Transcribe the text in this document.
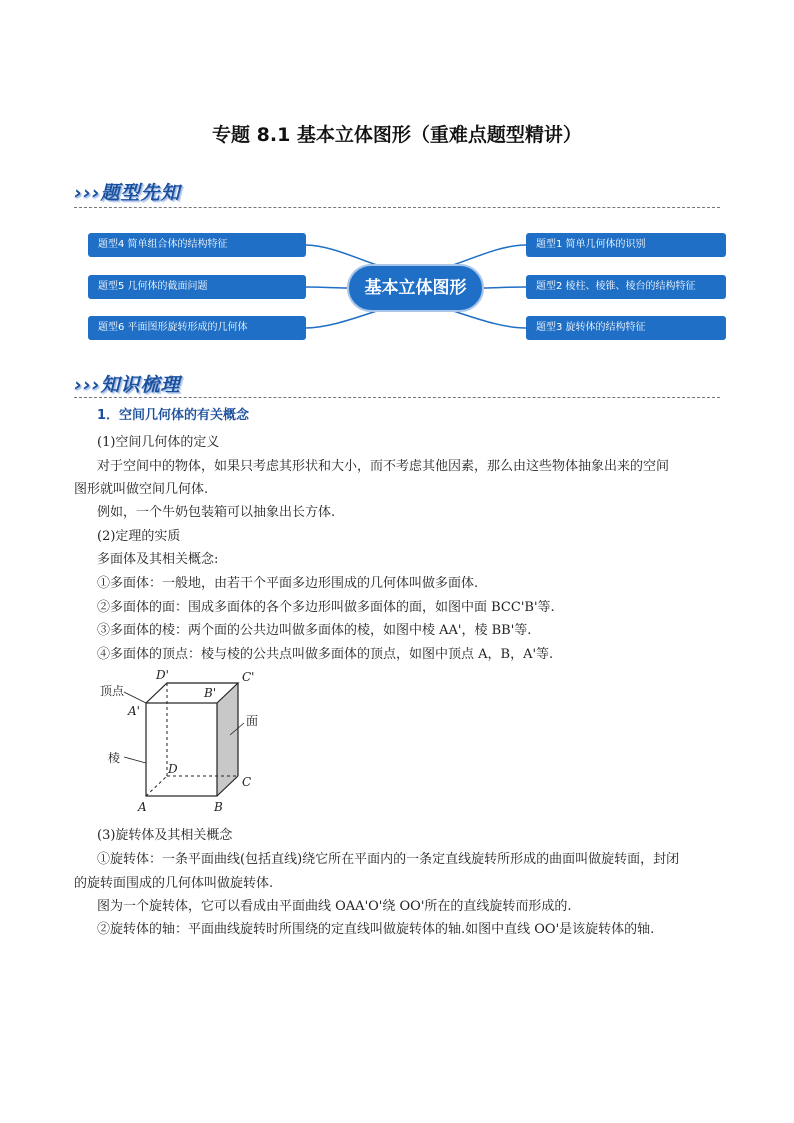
专题 8.1 基本立体图形（重难点题型精讲）
›››题型先知
题型4 简单组合体的结构特征
题型5 几何体的截面问题
题型6 平面图形旋转形成的几何体
基本立体图形
题型1 简单几何体的识别
题型2 棱柱、棱锥、棱台的结构特征
题型3 旋转体的结构特征
›››知识梳理
1．空间几何体的有关概念
(1)空间几何体的定义
对于空间中的物体，如果只考虑其形状和大小，而不考虑其他因素，那么由这些物体抽象出来的空间
图形就叫做空间几何体.
例如，一个牛奶包装箱可以抽象出长方体.
(2)定理的实质
多面体及其相关概念:
①多面体：一般地，由若干个平面多边形围成的几何体叫做多面体.
②多面体的面：围成多面体的各个多边形叫做多面体的面，如图中面 BCC'B'等.
③多面体的棱：两个面的公共边叫做多面体的棱，如图中棱 AA'，棱 BB'等.
④多面体的顶点：棱与棱的公共点叫做多面体的顶点，如图中顶点 A，B，A'等.
(3)旋转体及其相关概念
①旋转体：一条平面曲线(包括直线)绕它所在平面内的一条定直线旋转所形成的曲面叫做旋转面，封闭
的旋转面围成的几何体叫做旋转体.
图为一个旋转体，它可以看成由平面曲线 OAA'O'绕 OO'所在的直线旋转而形成的.
②旋转体的轴：平面曲线旋转时所围绕的定直线叫做旋转体的轴.如图中直线 OO'是该旋转体的轴.
顶点
面
棱
D'
B'
C'
A'
D
C
A	B
